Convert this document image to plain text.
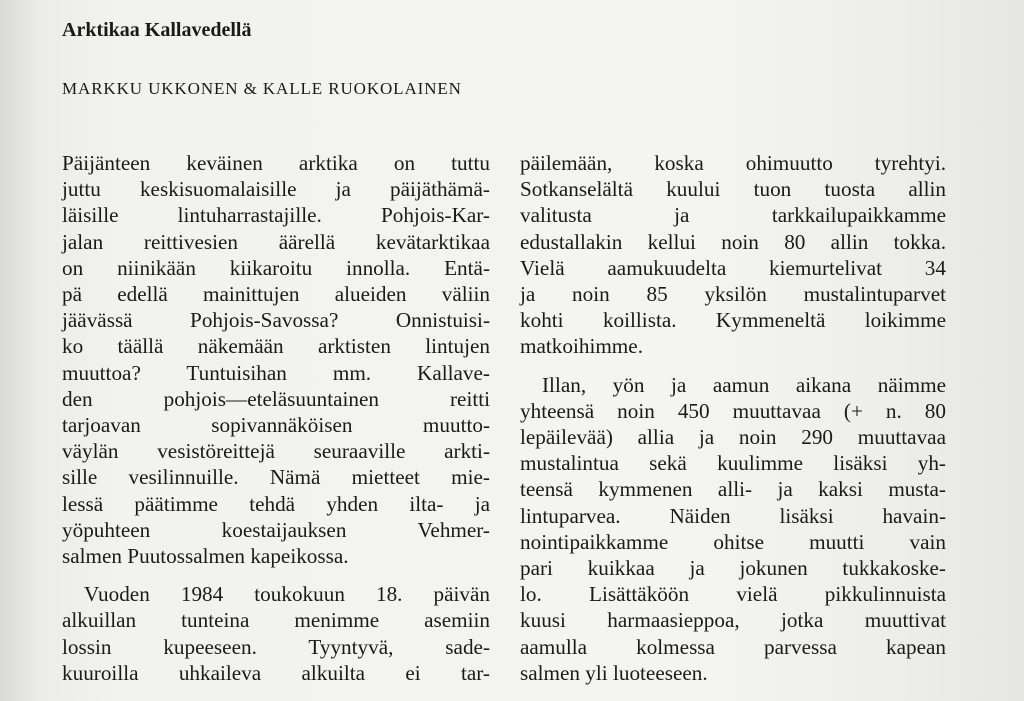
Arktikaa Kallavedellä
MARKKU UKKONEN & KALLE RUOKOLAINEN
Päijänteen keväinen arktika on tuttu
juttu keskisuomalaisille ja päijäthämä-
läisille lintuharrastajille. Pohjois-Kar-
jalan reittivesien äärellä kevätarktikaa
on niinikään kiikaroitu innolla. Entä-
pä edellä mainittujen alueiden väliin
jäävässä Pohjois-Savossa? Onnistuisi-
ko täällä näkemään arktisten lintujen
muuttoa? Tuntuisihan mm. Kallave-
den pohjois—eteläsuuntainen reitti
tarjoavan sopivannäköisen muutto-
väylän vesistöreittejä seuraaville arkti-
sille vesilinnuille. Nämä mietteet mie-
lessä päätimme tehdä yhden ilta- ja
yöpuhteen koestaijauksen Vehmer-
salmen Puutossalmen kapeikossa.
Vuoden 1984 toukokuun 18. päivän
alkuillan tunteina menimme asemiin
lossin kupeeseen. Tyyntyvä, sade-
kuuroilla uhkaileva alkuilta ei tar-
päilemään, koska ohimuutto tyrehtyi.
Sotkanselältä kuului tuon tuosta allin
valitusta ja tarkkailupaikkamme
edustallakin kellui noin 80 allin tokka.
Vielä aamukuudelta kiemurtelivat 34
ja noin 85 yksilön mustalintuparvet
kohti koillista. Kymmeneltä loikimme
matkoihimme.
Illan, yön ja aamun aikana näimme
yhteensä noin 450 muuttavaa (+ n. 80
lepäilevää) allia ja noin 290 muuttavaa
mustalintua sekä kuulimme lisäksi yh-
teensä kymmenen alli- ja kaksi musta-
lintuparvea. Näiden lisäksi havain-
nointipaikkamme ohitse muutti vain
pari kuikkaa ja jokunen tukkakoske-
lo. Lisättäköön vielä pikkulinnuista
kuusi harmaasieppoa, jotka muuttivat
aamulla kolmessa parvessa kapean
salmen yli luoteeseen.
